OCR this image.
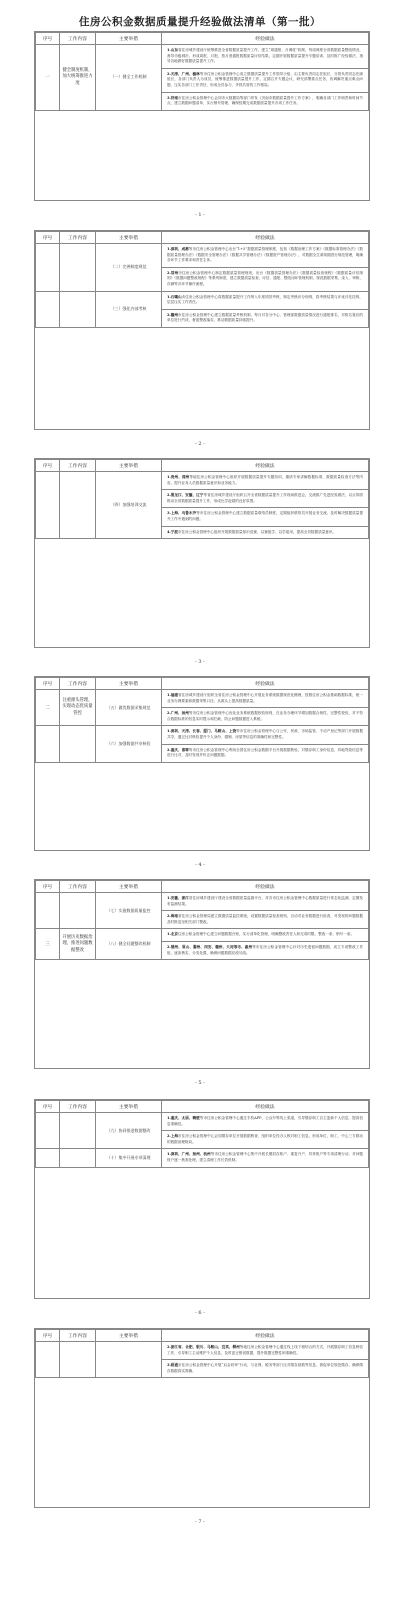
住房公积金数据质量提升经验做法清单（第一批）
序号	工作内容	主要举措	经验做法
一	健全制度机制，加大统筹推进力度	（一）健全工作机制	1.山东省住房城乡建设厅统筹推进全省数据质量提升工作，建立“周通报、月调度”机制，每周调度全省数据质量整改情况，督导市级城市，形成周报、月报，按月度通报数据质量评估结果，定期开展数据质量提升专题培训，及时推广经验做法，指导各地做好数据质量提升工作。
			2.天津、广州、榆林等市住房公积金管理中心成立数据质量提升工作领导小组，由主要负责同志任组长，分管负责同志任副组长，各部门负责人为成员，统筹推进数据质量提升工作，定期召开专题会议，研究部署重点任务，协调解决重点难点问题，压实各部门工作责任，形成全员参与、齐抓共管的工作格局。
			3.济南市住房公积金管理中心会同市大数据局等部门印发《济南市数据质量提升工作方案》，明确各部门工作职责和时间节点，建立数据问题清单，实行销号管理，确保按期完成数据质量提升各项工作任务。
- 1 -
序号	工作内容	主要举措	经验做法
		（二）完善制度规范	1.深圳、成都等市住房公积金管理中心出台“1+5”数据质量管理制度，包括《数据治理工作方案》《数据标准管理办法》《数据质量管理办法》《数据安全管理办法》《数据共享管理办法》《数据资产管理办法》，对数据全生命周期进行规范管理，明确各环节工作要求和责任主体。
			2.常州市住房公积金管理中心制定数据质量管理规则，出台《数据质量管理办法》《数据质量检查规程》《数据质量评估细则》《数据问题整改规程》等系列制度，建立数据质量检查、评估、通报、整改闭环管理机制，规范数据采集、录入、审核、存储等各环节操作流程。
		（三）强化内部考核	1.石嘴山市住房公积金管理中心将数据质量提升工作纳入年度绩效考核，制定考核评分细则，将考核结果与评优评先挂钩，层层压实工作责任。
			2.赣州市住房公积金管理中心建立数据质量考核机制，每月对各分中心、管理部数据质量情况进行通报排名，对排名靠后的单位进行约谈，督促整改落实，推动数据质量持续提升。
- 2 -
序号	工作内容	主要举措	经验做法
		（四）加强培训交流	1.贵州、漳州等地住房公积金管理中心组织开展数据质量提升专题培训，邀请专家讲解数据标准、数据质量检查方法等内容，提升业务人员数据质量意识和业务能力。
			2.黑龙江、安徽、辽宁等省住房城乡建设厅组织召开全省数据质量提升工作现场推进会，交流推广先进经验做法，以点带面推动全省数据质量提升工作，形成比学赶超的良好氛围。
			3.上海、乌鲁木齐等市住房公积金管理中心建立数据质量联络员制度，定期组织联络员开展业务交流，及时解决数据质量提升工作中遇到的问题。
			4.宁波市住房公积金管理中心组织开展数据质量知识竞赛，以赛促学、以学促用，提高全员数据质量意识。
- 3 -
序号	工作内容	主要举措	经验做法
二	注重源头管理，实现动态优质量管控	（五）做优数据采集规范	1.福建省住房城乡建设厅组织全省住房公积金管理中心开展业务系统数据规范化梳理，按照住房公积金基础数据标准，统一业务办理要素和数据采集口径，从源头上提高数据质量。
			2.广州、扬州等市住房公积金管理中心优化业务系统数据校验规则，在业务办理环节增加数据合规性、完整性校验，对不符合数据标准的信息实时提示和拦截，防止问题数据进入系统。
		（六）加强数据共享核验	1.深圳、天津、长春、厦门、马鞍山、上饶等市住房公积金管理中心与公安、民政、市场监管、不动产登记等部门开展数据共享，通过比对核验提升个人身份、婚姻、房屋等信息的准确性和完整性。
			2.重庆、邯郸等市住房公积金管理中心利用全国住房公积金数据平台开展数据核验，对缴存职工身份信息、异地贷款信息等进行比对，及时发现并纠正问题数据。
- 4 -
序号	工作内容	主要举措	经验做法
		（七）实施数据质量监控	1.安徽、浙江省住房城乡建设厅建设全省数据质量监测平台，对各市住房公积金管理中心数据质量进行常态化监测，定期发布监测结果。
			2.海南省住房公积金管理局建立数据质量监控系统，设置数据质量检查规则，自动对业务数据进行检查，对发现的问题数据及时推送至相关部门整改。
三	开展历史数据治理，推进问题数据整改	（八）健全问题整改机制	1.北京住房公积金管理中心建立问题数据台账，实行清单化管理，明确整改责任人和完成时限，整改一条、销号一条。
			2.德州、眉山、滁州、西安、赣州、大同等市、惠州等市住房公积金管理中心针对历史遗留问题数据，成立专项整改工作组，逐条核实、分类处置，确保问题数据应改尽改。
- 5 -
序号	工作内容	主要举措	经验做法
		（九）协同推进数据整改	1.重庆、太原、鹤壁等市住房公积金管理中心通过手机APP、公众号等线上渠道，引导缴存职工自主更新个人信息，提高信息准确性。
			2.上海市住房公积金管理中心会同缴存单位开展数据核查，组织单位经办人核对职工信息，形成单位、职工、中心三方联动的数据治理格局。
		（十）集中开展专项清理	1.深圳、广州、扬州、杭州等市住房公积金管理中心集中开展长期封存账户、重复开户、异常账户等专项清理行动，对问题账户逐一核查处理，建立清理工作长效机制。
- 6 -
序号	工作内容	主要举措	经验做法
			2.浙江省、合肥、银川、马鞍山、宜宾、柳州等地住房公积金管理中心通过线上线下相结合的方式，开展缴存职工信息核验工作，引导职工主动维护个人信息，及时更正错误数据，提升数据完整性和准确性。
			3.昭通市住房公积金管理中心开展“双金同审”行动，与社保、税务等部门比对缴存基数等信息，督促单位规范缴存，确保缴存数据真实准确。
- 7 -
